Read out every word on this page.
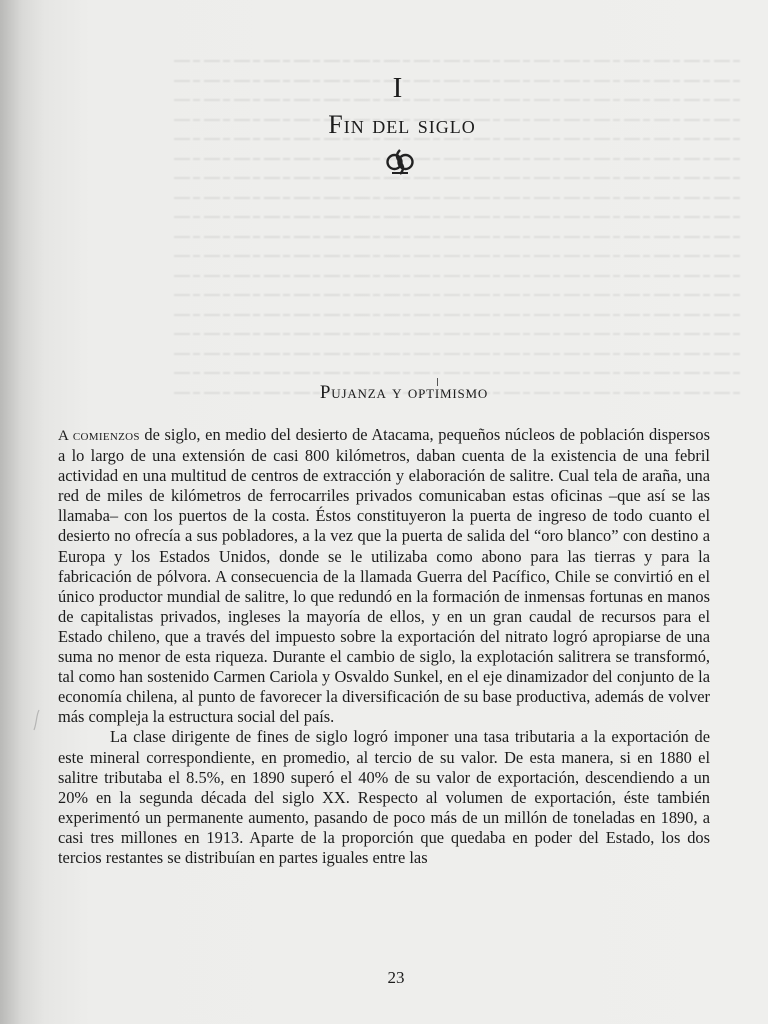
I
Fin del siglo
Pujanza y optimismo

A comienzos de siglo, en medio del desierto de Atacama, pequeños núcleos de población dispersos a lo largo de una extensión de casi 800 kilómetros, daban cuenta de la existencia de una febril actividad en una multitud de centros de extracción y elaboración de salitre. Cual tela de araña, una red de miles de kilómetros de ferrocarriles privados comunicaban estas oficinas –que así se las llamaba– con los puertos de la costa. Éstos constituyeron la puerta de ingreso de todo cuanto el desierto no ofrecía a sus pobladores, a la vez que la puerta de salida del “oro blanco” con destino a Europa y los Estados Unidos, donde se le utilizaba como abono para las tierras y para la fabricación de pólvora. A consecuencia de la llamada Guerra del Pacífico, Chile se convirtió en el único productor mundial de salitre, lo que redundó en la formación de inmensas fortunas en manos de capitalistas privados, ingleses la mayoría de ellos, y en un gran caudal de recursos para el Estado chileno, que a través del impuesto sobre la exportación del nitrato logró apropiarse de una suma no menor de esta riqueza. Durante el cambio de siglo, la explotación salitrera se transformó, tal como han sostenido Carmen Cariola y Osvaldo Sunkel, en el eje dinamizador del conjunto de la economía chilena, al punto de favorecer la diversificación de su base productiva, además de volver más compleja la estructura social del país.

La clase dirigente de fines de siglo logró imponer una tasa tributaria a la exportación de este mineral correspondiente, en promedio, al tercio de su valor. De esta manera, si en 1880 el salitre tributaba el 8.5%, en 1890 superó el 40% de su valor de exportación, descendiendo a un 20% en la segunda década del siglo XX. Respecto al volumen de exportación, éste también experimentó un permanente aumento, pasando de poco más de un millón de toneladas en 1890, a casi tres millones en 1913. Aparte de la proporción que quedaba en poder del Estado, los dos tercios restantes se distribuían en partes iguales entre las

23
